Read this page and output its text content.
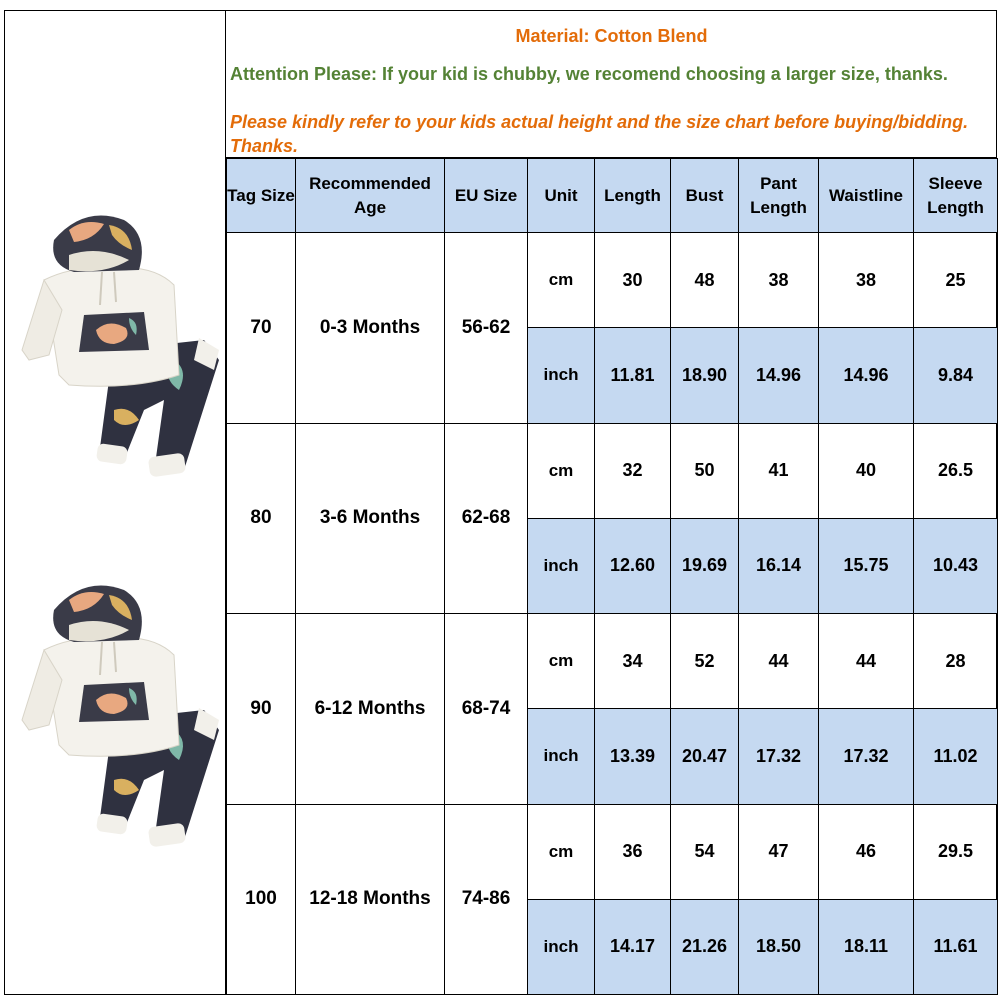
Material: Cotton Blend
Attention Please: If your kid is chubby, we recomend choosing a larger size, thanks.
Please kindly refer to your kids actual height and the size chart before buying/bidding. Thanks.
Tag Size	Recommended Age	EU Size	Unit	Length	Bust	Pant Length	Waistline	Sleeve Length
70	0-3 Months	56-62	cm	30	48	38	38	25
			inch	11.81	18.90	14.96	14.96	9.84
80	3-6 Months	62-68	cm	32	50	41	40	26.5
			inch	12.60	19.69	16.14	15.75	10.43
90	6-12 Months	68-74	cm	34	52	44	44	28
			inch	13.39	20.47	17.32	17.32	11.02
100	12-18 Months	74-86	cm	36	54	47	46	29.5
			inch	14.17	21.26	18.50	18.11	11.61
